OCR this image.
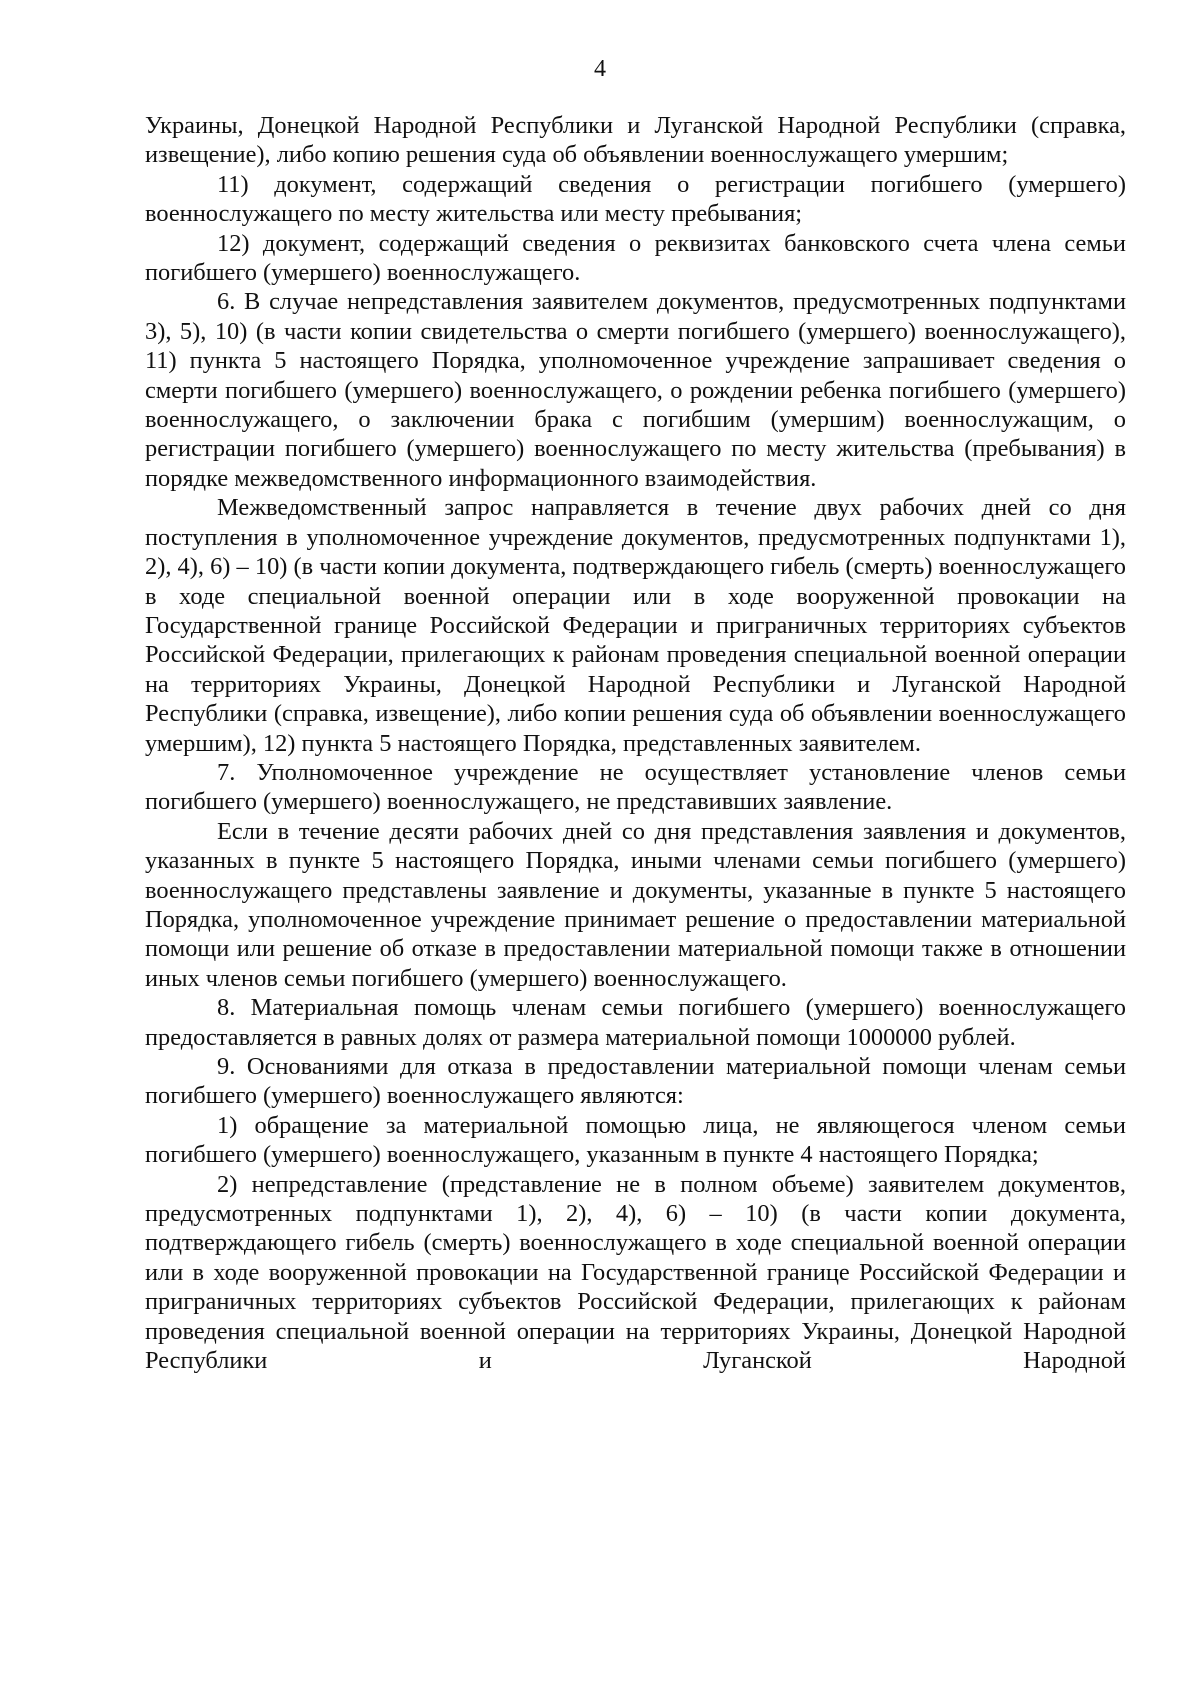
4

Украины, Донецкой Народной Республики и Луганской Народной Республики (справка, извещение), либо копию решения суда об объявлении военнослужащего умершим;

11) документ, содержащий сведения о регистрации погибшего (умершего) военнослужащего по месту жительства или месту пребывания;

12) документ, содержащий сведения о реквизитах банковского счета члена семьи погибшего (умершего) военнослужащего.

6. В случае непредставления заявителем документов, предусмотренных подпунктами 3), 5), 10) (в части копии свидетельства о смерти погибшего (умершего) военнослужащего), 11) пункта 5 настоящего Порядка, уполномоченное учреждение запрашивает сведения о смерти погибшего (умершего) военнослужащего, о рождении ребенка погибшего (умершего) военнослужащего, о заключении брака с погибшим (умершим) военнослужащим, о регистрации погибшего (умершего) военнослужащего по месту жительства (пребывания) в порядке межведомственного информационного взаимодействия.

Межведомственный запрос направляется в течение двух рабочих дней со дня поступления в уполномоченное учреждение документов, предусмотренных подпунктами 1), 2), 4), 6) – 10) (в части копии документа, подтверждающего гибель (смерть) военнослужащего в ходе специальной военной операции или в ходе вооруженной провокации на Государственной границе Российской Федерации и приграничных территориях субъектов Российской Федерации, прилегающих к районам проведения специальной военной операции на территориях Украины, Донецкой Народной Республики и Луганской Народной Республики (справка, извещение), либо копии решения суда об объявлении военнослужащего умершим), 12) пункта 5 настоящего Порядка, представленных заявителем.

7. Уполномоченное учреждение не осуществляет установление членов семьи погибшего (умершего) военнослужащего, не представивших заявление.

Если в течение десяти рабочих дней со дня представления заявления и документов, указанных в пункте 5 настоящего Порядка, иными членами семьи погибшего (умершего) военнослужащего представлены заявление и документы, указанные в пункте 5 настоящего Порядка, уполномоченное учреждение принимает решение о предоставлении материальной помощи или решение об отказе в предоставлении материальной помощи также в отношении иных членов семьи погибшего (умершего) военнослужащего.

8. Материальная помощь членам семьи погибшего (умершего) военнослужащего предоставляется в равных долях от размера материальной помощи 1000000 рублей.

9. Основаниями для отказа в предоставлении материальной помощи членам семьи погибшего (умершего) военнослужащего являются:

1) обращение за материальной помощью лица, не являющегося членом семьи погибшего (умершего) военнослужащего, указанным в пункте 4 настоящего Порядка;

2) непредставление (представление не в полном объеме) заявителем документов, предусмотренных подпунктами 1), 2), 4), 6) – 10) (в части копии документа, подтверждающего гибель (смерть) военнослужащего в ходе специальной военной операции или в ходе вооруженной провокации на Государственной границе Российской Федерации и приграничных территориях субъектов Российской Федерации, прилегающих к районам проведения специальной военной операции на территориях Украины, Донецкой Народной Республики и Луганской Народной
